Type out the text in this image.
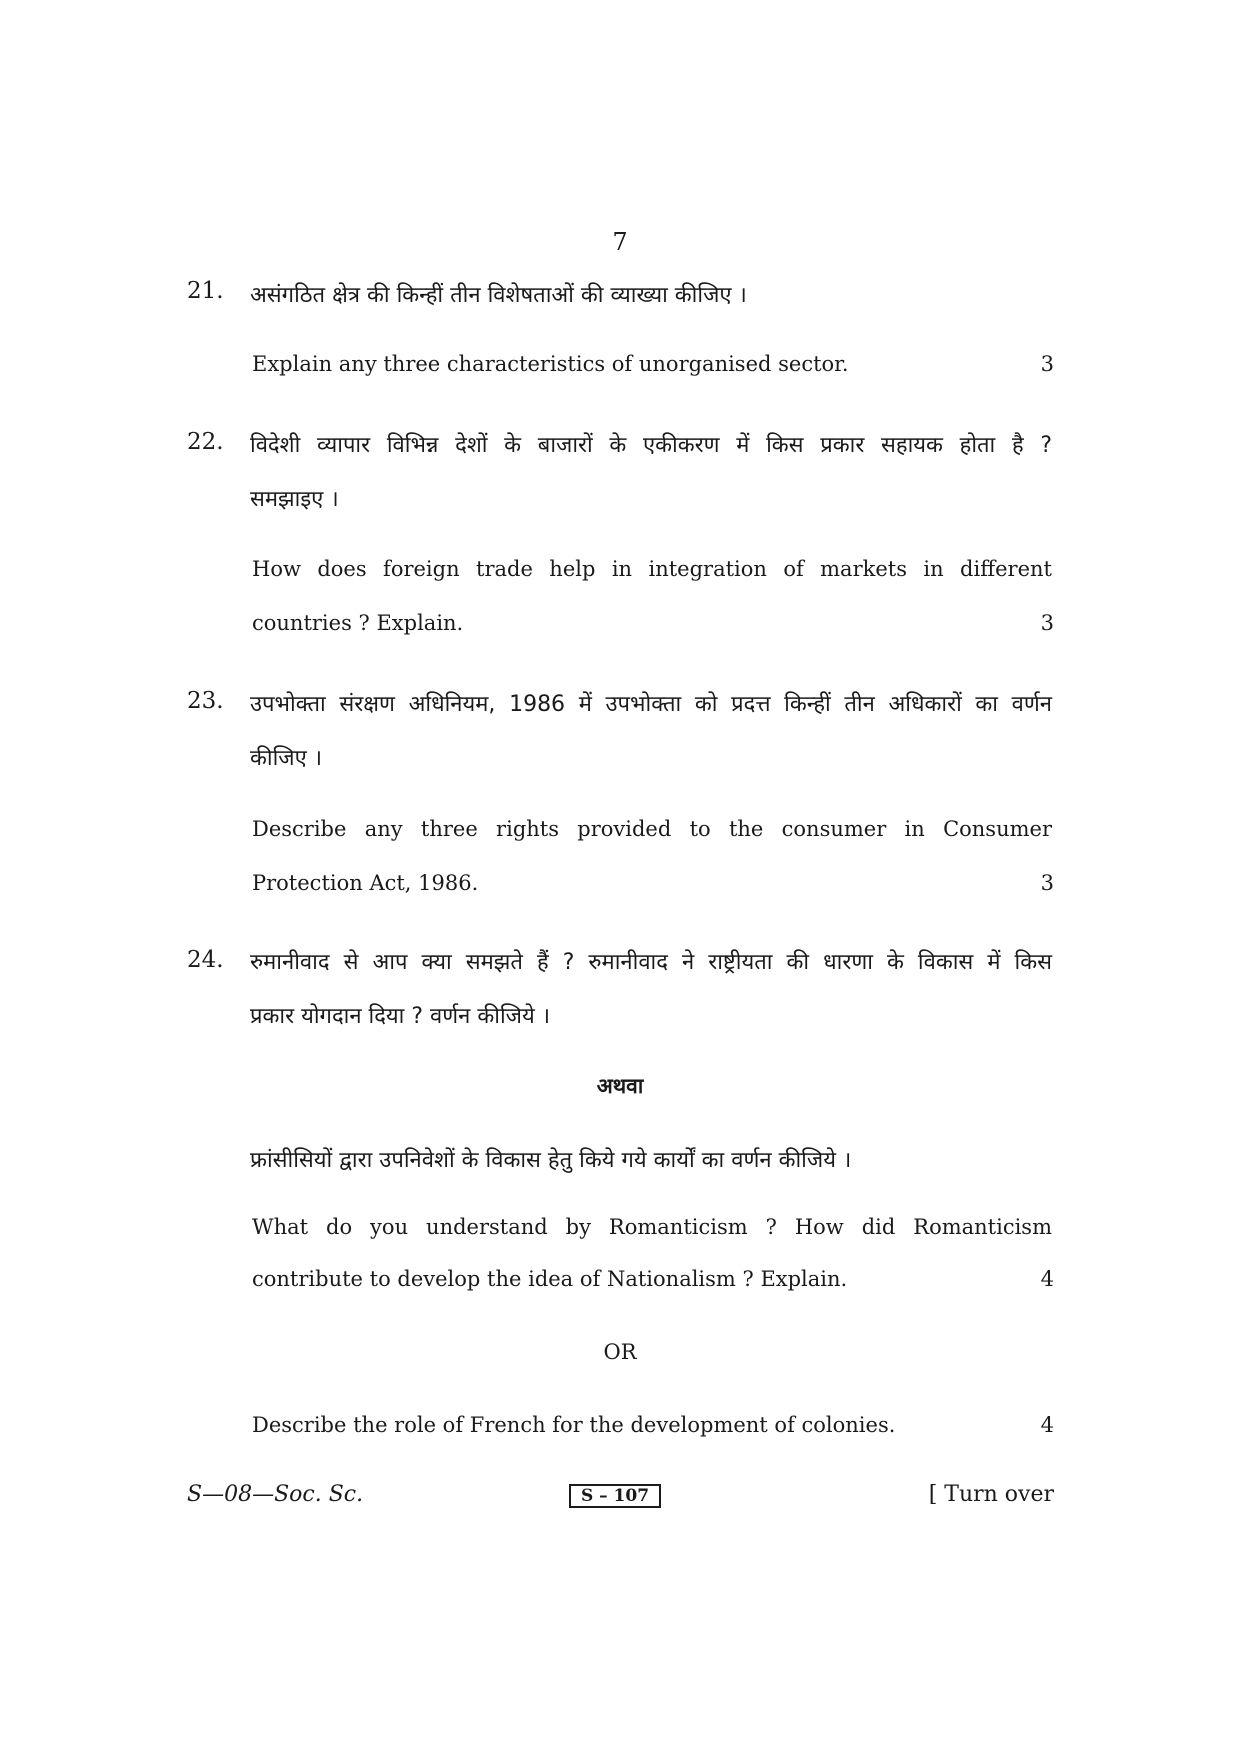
7
21. असंगठित क्षेत्र की किन्हीं तीन विशेषताओं की व्याख्या कीजिए ।
Explain any three characteristics of unorganised sector.	3
22. विदेशी व्यापार विभिन्न देशों के बाजारों के एकीकरण में किस प्रकार सहायक होता है ?
समझाइए ।
How does foreign trade help in integration of markets in different
countries ? Explain.	3
23. उपभोक्ता संरक्षण अधिनियम, 1986 में उपभोक्ता को प्रदत्त किन्हीं तीन अधिकारों का वर्णन
कीजिए ।
Describe any three rights provided to the consumer in Consumer
Protection Act, 1986.	3
24. रुमानीवाद से आप क्या समझते हैं ? रुमानीवाद ने राष्ट्रीयता की धारणा के विकास में किस
प्रकार योगदान दिया ? वर्णन कीजिये ।
अथवा
फ्रांसीसियों द्वारा उपनिवेशों के विकास हेतु किये गये कार्यों का वर्णन कीजिये ।
What do you understand by Romanticism ? How did Romanticism
contribute to develop the idea of Nationalism ? Explain.	4
OR
Describe the role of French for the development of colonies.	4
S—08—Soc. Sc.	S – 107	[ Turn over
